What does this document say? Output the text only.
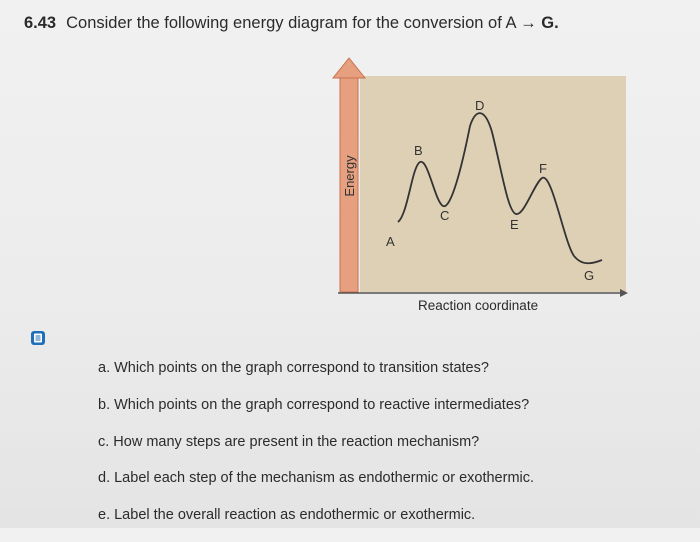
6.43 Consider the following energy diagram for the conversion of A → G.
Energy
A
B
C
D
E
F
G
Reaction coordinate
a. Which points on the graph correspond to transition states?
b. Which points on the graph correspond to reactive intermediates?
c. How many steps are present in the reaction mechanism?
d. Label each step of the mechanism as endothermic or exothermic.
e. Label the overall reaction as endothermic or exothermic.
